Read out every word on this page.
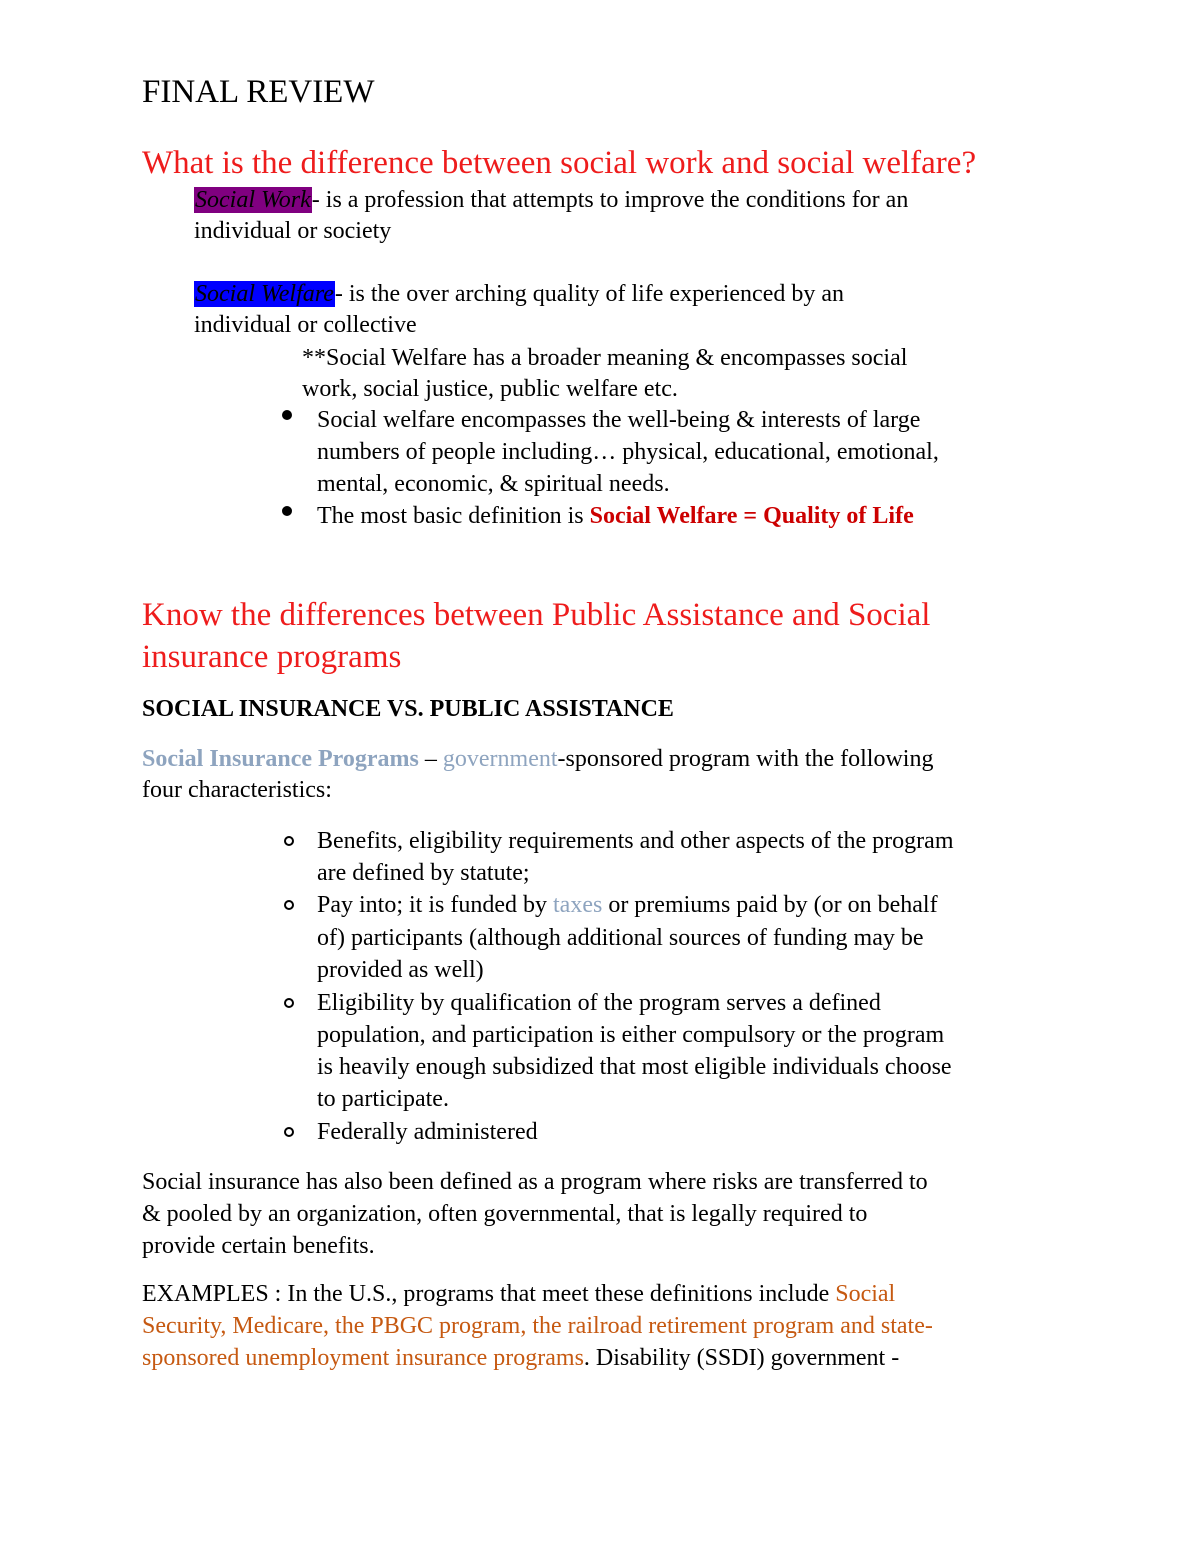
FINAL REVIEW
What is the difference between social work and social welfare?
Social Work- is a profession that attempts to improve the conditions for an
individual or society
Social Welfare- is the over arching quality of life experienced by an
individual or collective
**Social Welfare has a broader meaning & encompasses social
work, social justice, public welfare etc.
Social welfare encompasses the well-being & interests of large
numbers of people including… physical, educational, emotional,
mental, economic, & spiritual needs.
The most basic definition is Social Welfare = Quality of Life
Know the differences between Public Assistance and Social
insurance programs
SOCIAL INSURANCE VS. PUBLIC ASSISTANCE
Social Insurance Programs – government-sponsored program with the following
four characteristics:
Benefits, eligibility requirements and other aspects of the program
are defined by statute;
Pay into; it is funded by taxes or premiums paid by (or on behalf
of) participants (although additional sources of funding may be
provided as well)
Eligibility by qualification of the program serves a defined
population, and participation is either compulsory or the program
is heavily enough subsidized that most eligible individuals choose
to participate.
Federally administered
Social insurance has also been defined as a program where risks are transferred to
& pooled by an organization, often governmental, that is legally required to
provide certain benefits.
EXAMPLES : In the U.S., programs that meet these definitions include Social
Security, Medicare, the PBGC program, the railroad retirement program and state-
sponsored unemployment insurance programs. Disability (SSDI) government -
